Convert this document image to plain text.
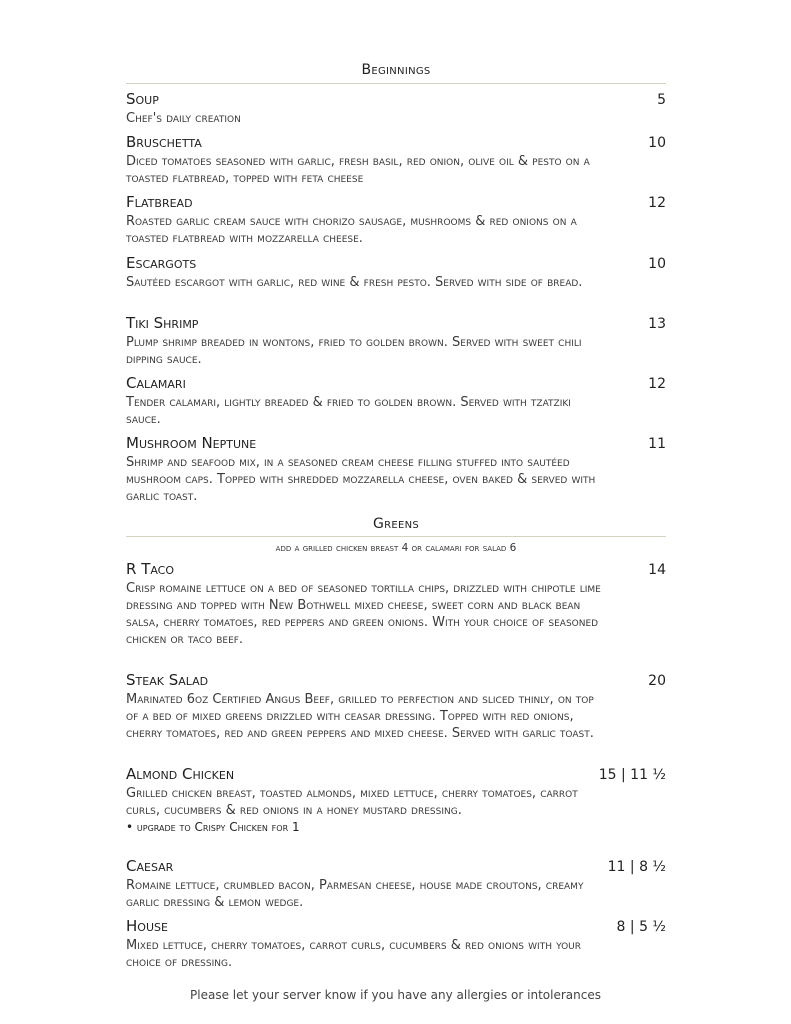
Beginnings
Soup	5
Chef's daily creation
Bruschetta	10
Diced tomatoes seasoned with garlic, fresh basil, red onion, olive oil & pesto on a toasted flatbread, topped with feta cheese
Flatbread	12
Roasted garlic cream sauce with chorizo sausage, mushrooms & red onions on a toasted flatbread with mozzarella cheese.
Escargots	10
Sautéed escargot with garlic, red wine & fresh pesto. Served with side of bread.
Tiki Shrimp	13
Plump shrimp breaded in wontons, fried to golden brown. Served with sweet chili dipping sauce.
Calamari	12
Tender calamari, lightly breaded & fried to golden brown. Served with tzatziki sauce.
Mushroom Neptune	11
Shrimp and seafood mix, in a seasoned cream cheese filling stuffed into sautéed mushroom caps. Topped with shredded mozzarella cheese, oven baked & served with garlic toast.
Greens
add a grilled chicken breast 4 or calamari for salad 6
R Taco	14
Crisp romaine lettuce on a bed of seasoned tortilla chips, drizzled with chipotle lime dressing and topped with New Bothwell mixed cheese, sweet corn and black bean salsa, cherry tomatoes, red peppers and green onions. With your choice of seasoned chicken or taco beef.
Steak Salad	20
Marinated 6oz Certified Angus Beef, grilled to perfection and sliced thinly, on top of a bed of mixed greens drizzled with ceasar dressing. Topped with red onions, cherry tomatoes, red and green peppers and mixed cheese. Served with garlic toast.
Almond Chicken	15 | 11 ½
Grilled chicken breast, toasted almonds, mixed lettuce, cherry tomatoes, carrot curls, cucumbers & red onions in a honey mustard dressing.
• upgrade to Crispy Chicken for 1
Caesar	11 | 8 ½
Romaine lettuce, crumbled bacon, Parmesan cheese, house made croutons, creamy garlic dressing & lemon wedge.
House	8 | 5 ½
Mixed lettuce, cherry tomatoes, carrot curls, cucumbers & red onions with your choice of dressing.
Please let your server know if you have any allergies or intolerances
